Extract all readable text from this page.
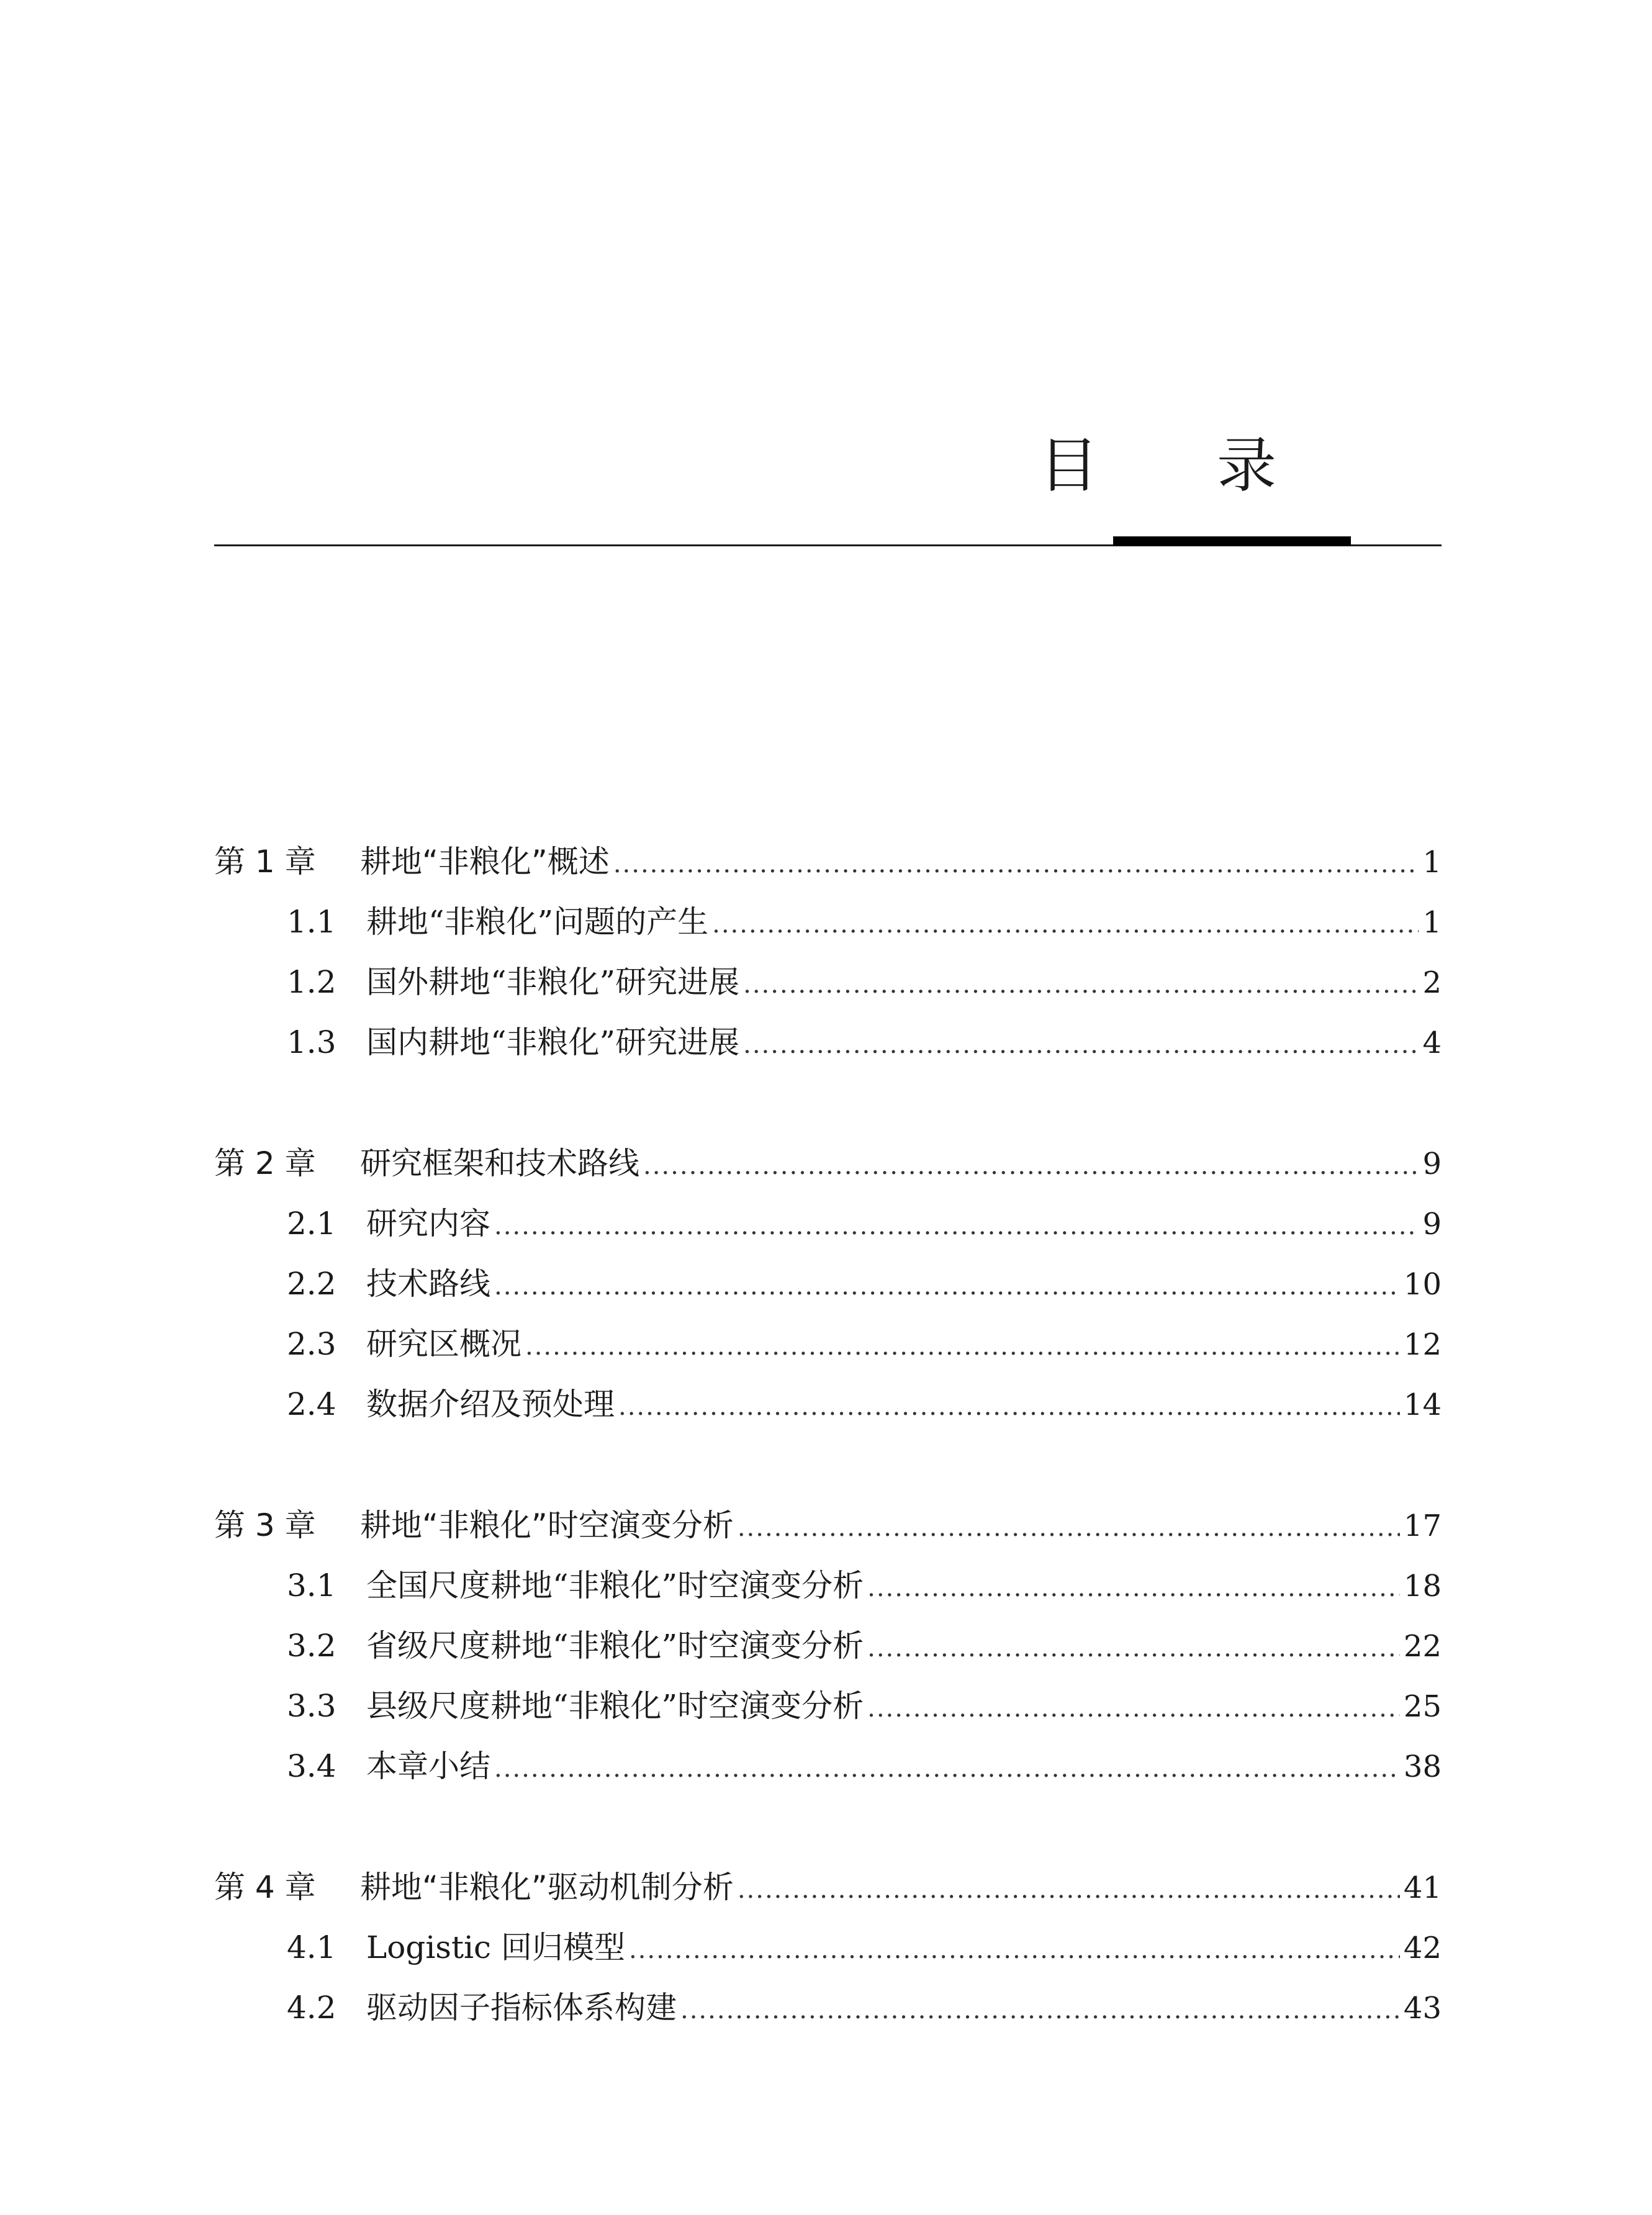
目 录
第 1 章	耕地“非粮化”概述 .....	1
1.1 耕地“非粮化”问题的产生 .....	1
1.2 国外耕地“非粮化”研究进展 .....	2
1.3 国内耕地“非粮化”研究进展 .....	4
第 2 章	研究框架和技术路线 .....	9
2.1 研究内容 .....	9
2.2 技术路线 .....	10
2.3 研究区概况 .....	12
2.4 数据介绍及预处理 .....	14
第 3 章	耕地“非粮化”时空演变分析 .....	17
3.1 全国尺度耕地“非粮化”时空演变分析 .....	18
3.2 省级尺度耕地“非粮化”时空演变分析 .....	22
3.3 县级尺度耕地“非粮化”时空演变分析 .....	25
3.4 本章小结 .....	38
第 4 章	耕地“非粮化”驱动机制分析 .....	41
4.1 Logistic 回归模型 .....	42
4.2 驱动因子指标体系构建 .....	43
